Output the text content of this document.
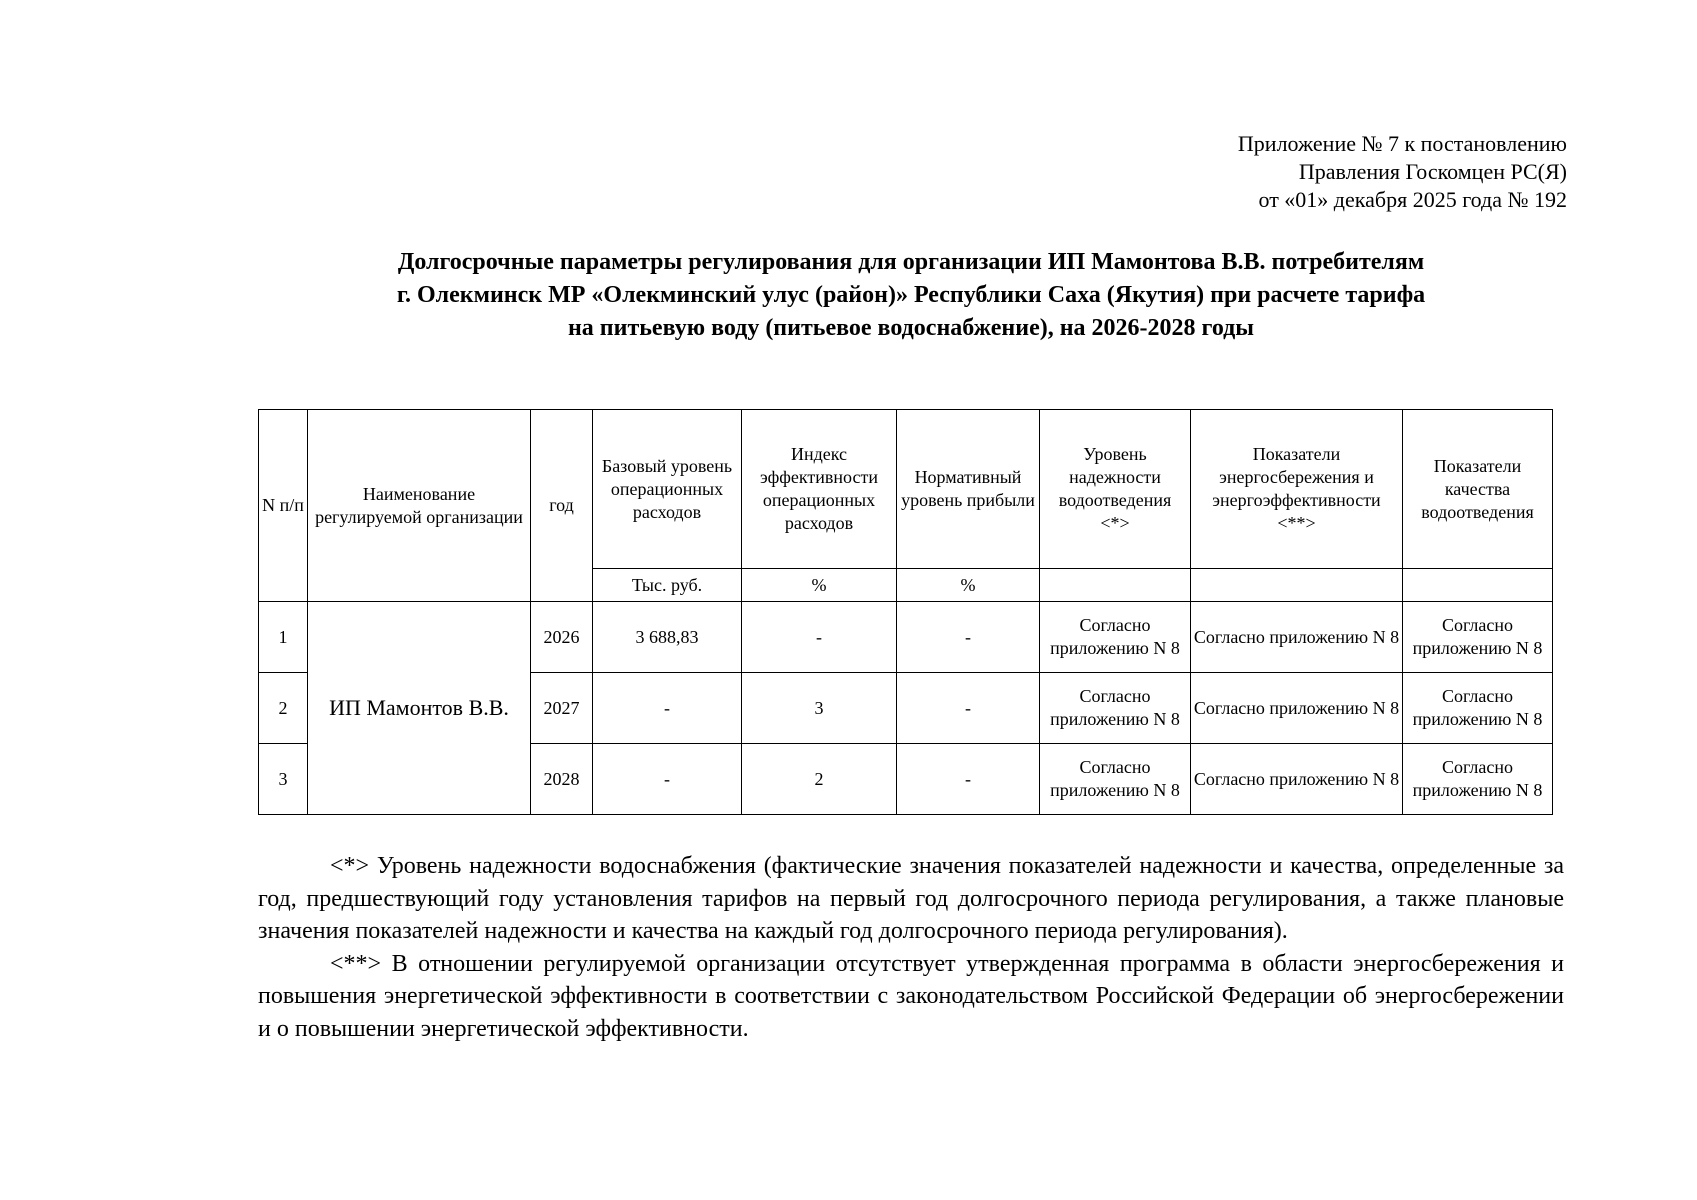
Приложение № 7 к постановлению
Правления Госкомцен РС(Я)
от «01» декабря 2025 года № 192
Долгосрочные параметры регулирования для организации ИП Мамонтова В.В. потребителям
г. Олекминск МР «Олекминский улус (район)» Республики Саха (Якутия) при расчете тарифа
на питьевую воду (питьевое водоснабжение), на 2026-2028 годы
N п/п	Наименование регулируемой организации	год	Базовый уровень операционных расходов	Индекс эффективности операционных расходов	Нормативный уровень прибыли	Уровень надежности водоотведения <*>	Показатели энергосбережения и энергоэффективности <**>	Показатели качества водоотведения
			Тыс. руб.	%	%			
1	ИП Мамонтов В.В.	2026	3 688,83	-	-	Согласно приложению N 8	Согласно приложению N 8	Согласно приложению N 8
2		2027	-	3	-	Согласно приложению N 8	Согласно приложению N 8	Согласно приложению N 8
3		2028	-	2	-	Согласно приложению N 8	Согласно приложению N 8	Согласно приложению N 8

<*> Уровень надежности водоснабжения (фактические значения показателей надежности и качества, определенные за год, предшествующий году установления тарифов на первый год долгосрочного периода регулирования, а также плановые значения показателей надежности и качества на каждый год долгосрочного периода регулирования).

<**> В отношении регулируемой организации отсутствует утвержденная программа в области энергосбережения и повышения энергетической эффективности в соответствии с законодательством Российской Федерации об энергосбережении и о повышении энергетической эффективности.
